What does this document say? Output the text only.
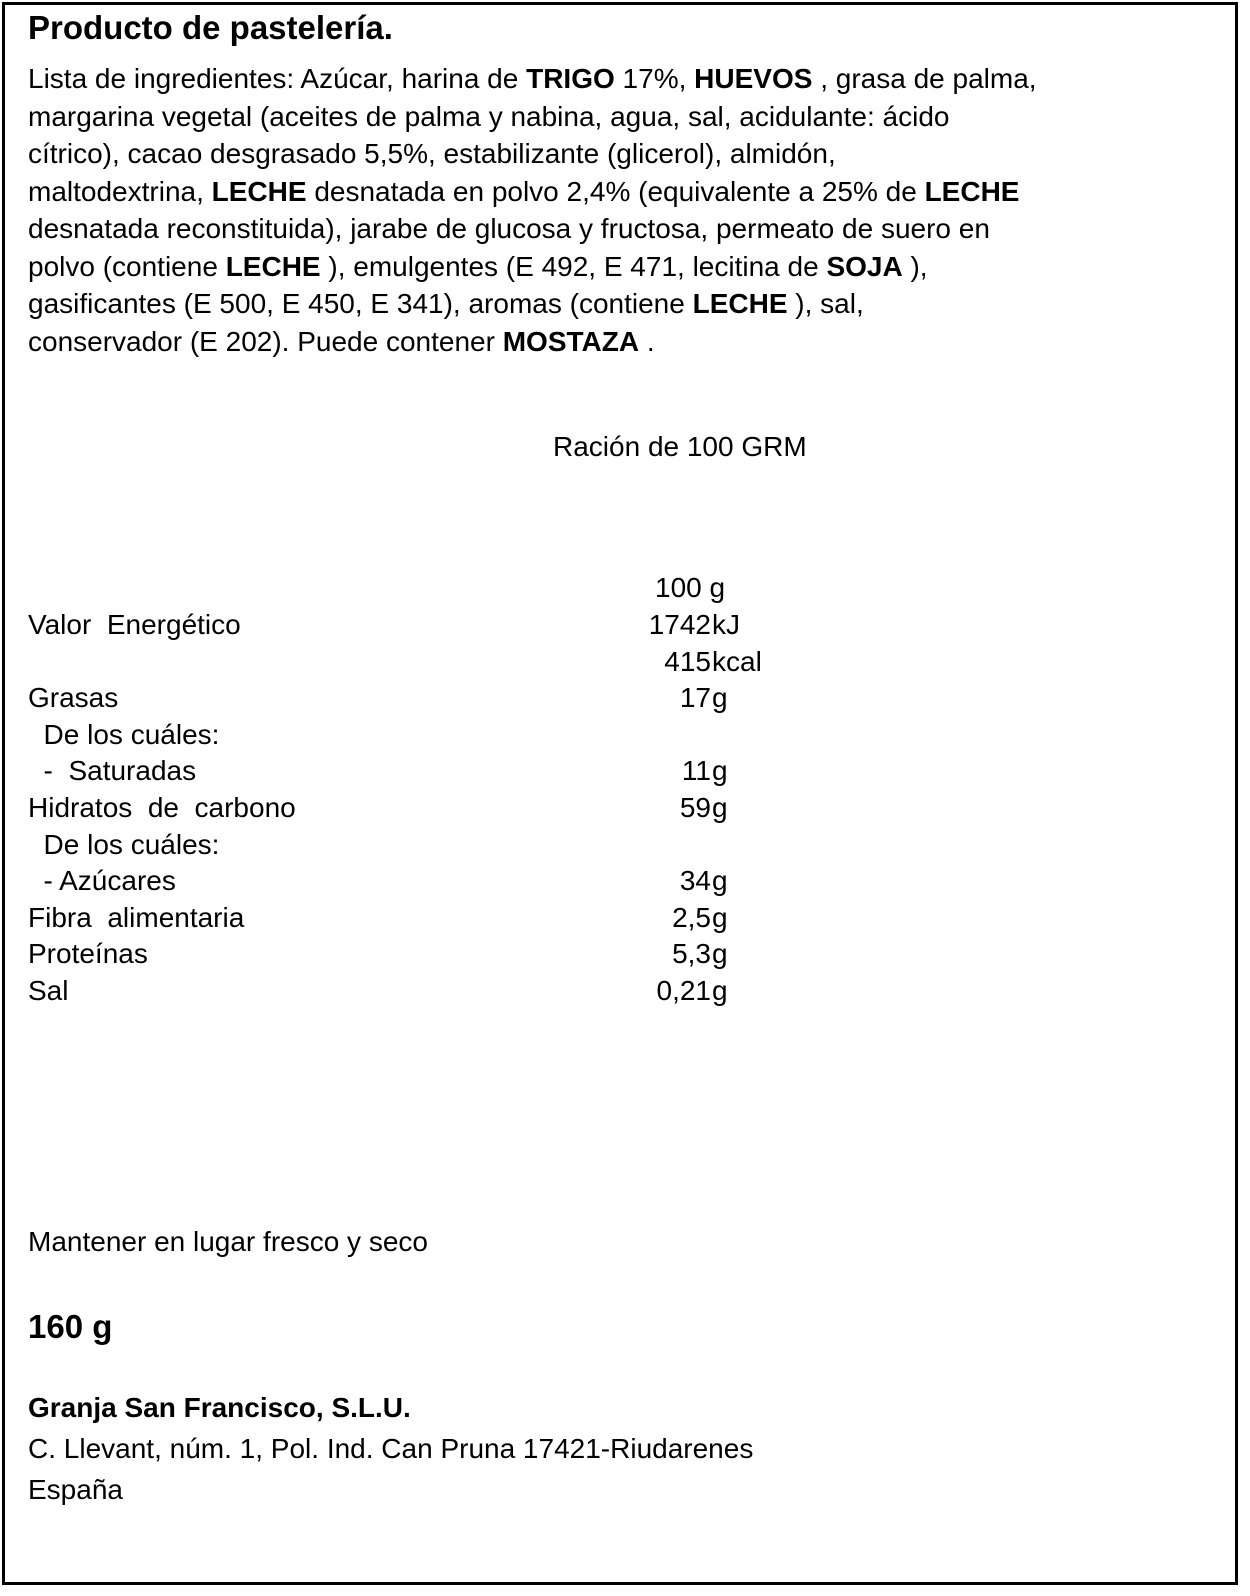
Producto de pastelería.
Lista de ingredientes: Azúcar, harina de TRIGO 17%, HUEVOS , grasa de palma,
margarina vegetal (aceites de palma y nabina, agua, sal, acidulante: ácido
cítrico), cacao desgrasado 5,5%, estabilizante (glicerol), almidón,
maltodextrina, LECHE desnatada en polvo 2,4% (equivalente a 25% de LECHE
desnatada reconstituida), jarabe de glucosa y fructosa, permeato de suero en
polvo (contiene LECHE ), emulgentes (E 492, E 471, lecitina de SOJA ),
gasificantes (E 500, E 450, E 341), aromas (contiene LECHE ), sal,
conservador (E 202). Puede contener MOSTAZA .
Ración de 100 GRM
100 g
Valor  Energético	1742 kJ
415 kcal
Grasas	17 g
De los cuáles:
-  Saturadas	11 g
Hidratos  de  carbono	59 g
De los cuáles:
- Azúcares	34 g
Fibra  alimentaria	2,5 g
Proteínas	5,3 g
Sal	0,21 g
Mantener en lugar fresco y seco
160 g
Granja San Francisco, S.L.U.
C. Llevant, núm. 1, Pol. Ind. Can Pruna 17421-Riudarenes
España
